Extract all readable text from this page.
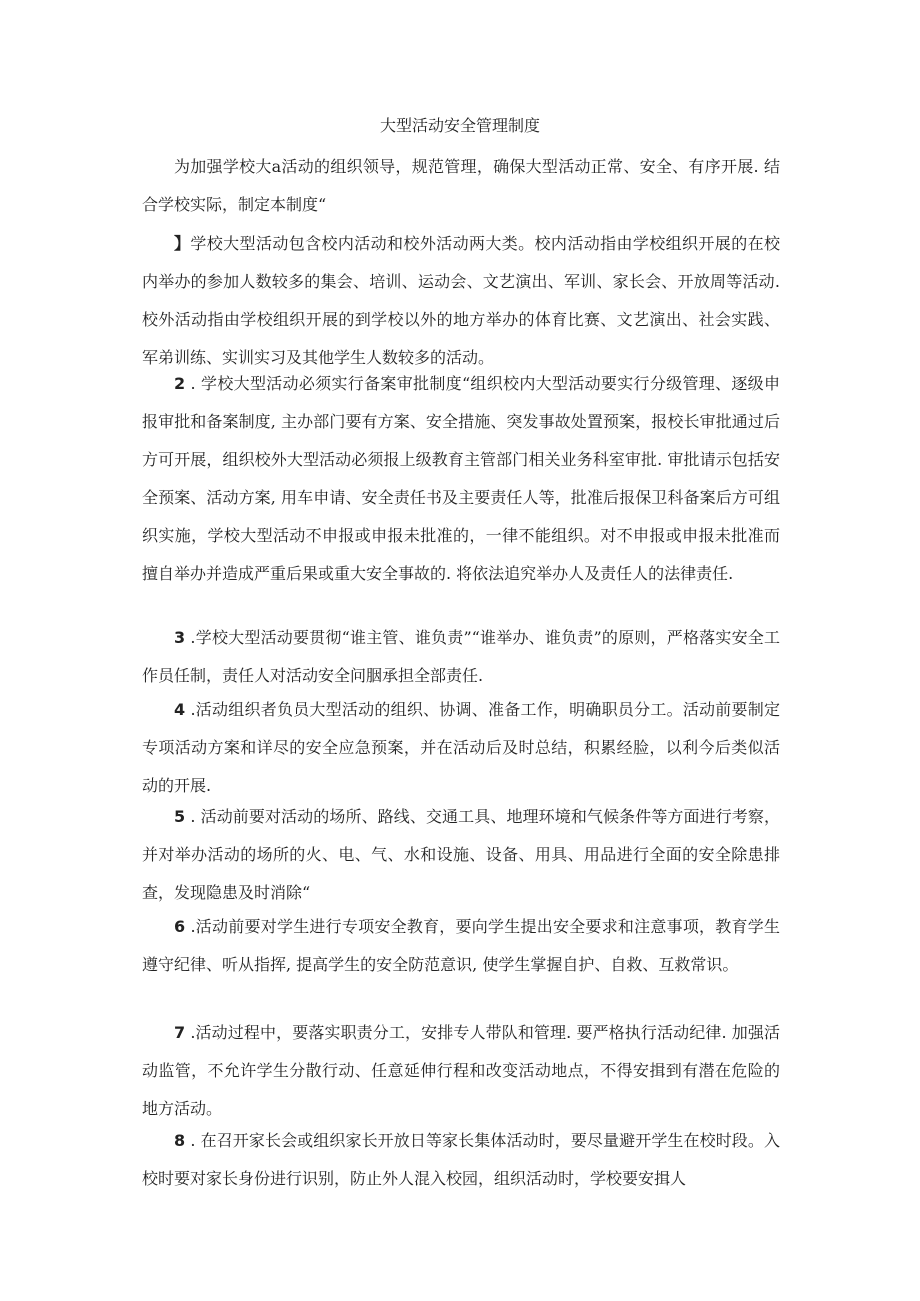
大型活动安全管理制度

为加强学校大a活动的组织领导，规范管理，确保大型活动正常、安全、有序开展. 结合学校实际，制定本制度“

】学校大型活动包含校内活动和校外活动两大类。校内活动指由学校组织开展的在校内举办的参加人数较多的集会、培训、运动会、文艺演出、军训、家长会、开放周等活动. 校外活动指由学校组织开展的到学校以外的地方举办的体育比赛、文艺演出、社会实践、军弟训练、实训实习及其他学生人数较多的活动。

2 . 学校大型活动必须实行备案审批制度“组织校内大型活动要实行分级管理、逐级申报审批和备案制度, 主办部门要有方案、安全措施、突发事故处置预案，报校长审批通过后方可开展，组织校外大型活动必须报上级教育主管部门相关业务科室审批. 审批请示包括安全预案、活动方案, 用车申请、安全责任书及主要责任人等，批准后报保卫科备案后方可组织实施，学校大型活动不申报或申报未批准的，一律不能组织。对不申报或申报未批准而擅自举办并造成严重后果或重大安全事故的. 将依法追究举办人及责任人的法律责任.

3 .学校大型活动要贯彻“谁主管、谁负责”“谁举办、谁负责”的原则，严格落实安全工作员任制，责任人对活动安全问胭承担全部责任.

4 .活动组织者负员大型活动的组织、协调、准备工作，明确职员分工。活动前要制定专项活动方案和详尽的安全应急预案，并在活动后及时总结，积累经脸，以利今后类似活动的开展.

5 . 活动前要对活动的场所、路线、交通工具、地理环境和气候条件等方面进行考察，并对举办活动的场所的火、电、气、水和设施、设备、用具、用品进行全面的安全除患排查，发现隐患及时消除“

6 .活动前要对学生进行专项安全教育，要向学生提出安全要求和注意事项，教育学生遵守纪律、听从指挥, 提高学生的安全防范意识, 使学生掌握自护、自救、互救常识。

7 .活动过程中，要落实职责分工，安排专人带队和管理. 要严格执行活动纪律. 加强活动监管，不允许学生分散行动、任意延伸行程和改变活动地点，不得安揖到有潜在危险的地方活动。

8 . 在召开家长会或组织家长开放日等家长集体活动时，要尽量避开学生在校时段。入校时要对家长身份进行识别，防止外人混入校园，组织活动时，学校要安揖人
